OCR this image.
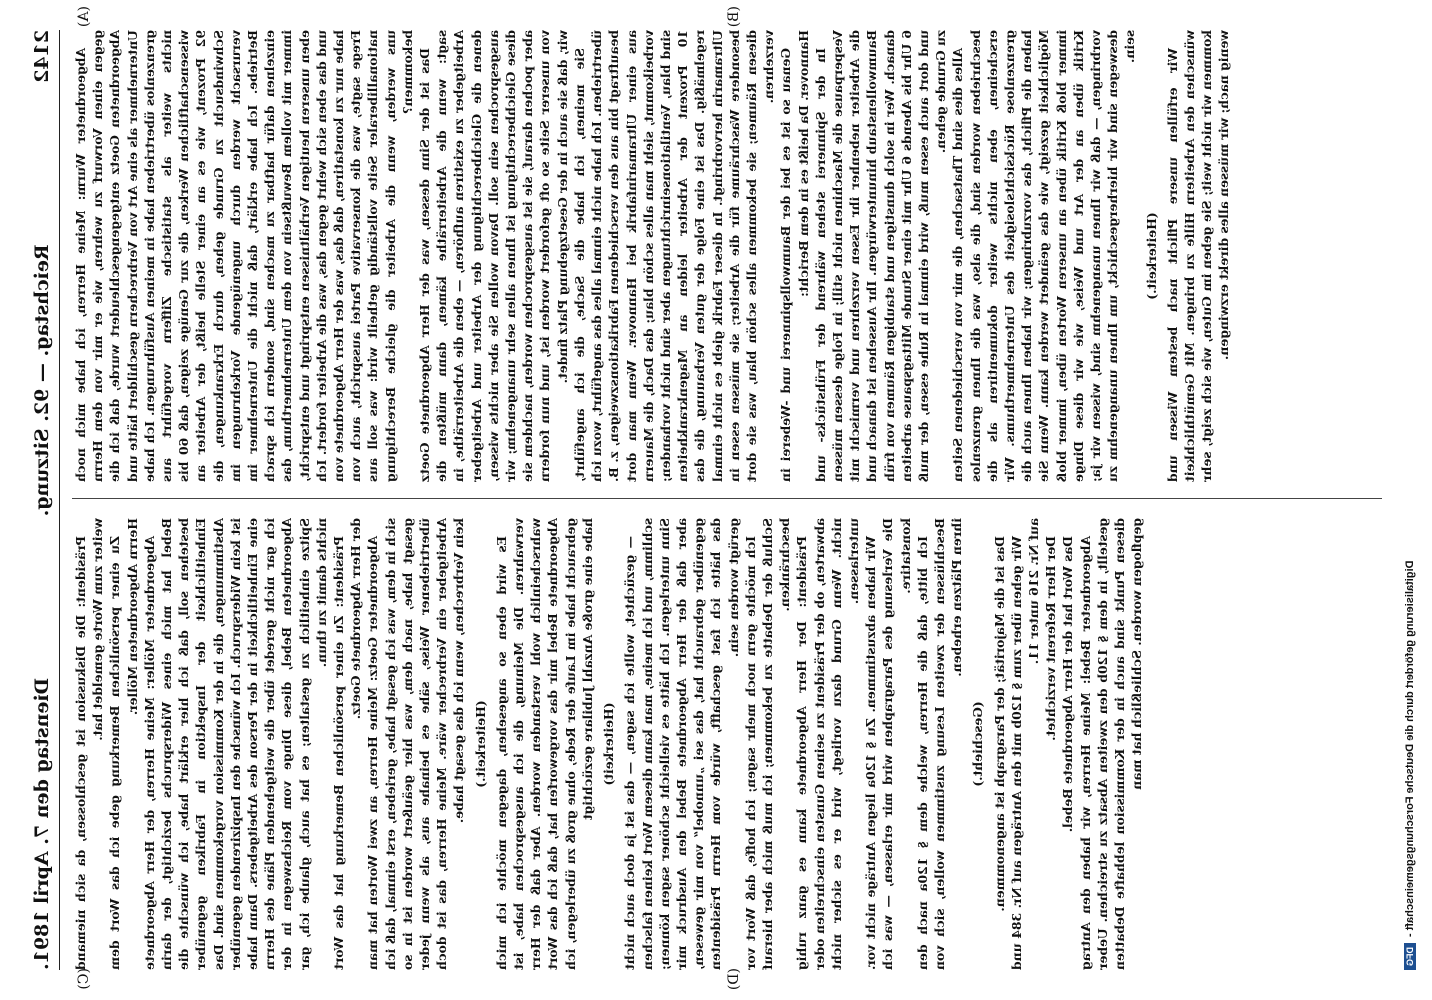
2142
Reichstag. — 92. Sitzung.
Dienstag den 7. April 1891.
(A)	(B)
(C)	(D)

Abgeordneter Wurm: Meine Herren, ich habe mich noch gegen einen Vorwurf zu wehren, wie er mir von dem Herrn Abgeordneten Goetz entgegengeschleudert wurde, daß ich die Unternehmer als eine Art von Verbrechern geschildert hätte und grenzenlos übertrieben habe in meinen Ausführungen. Ich habe nichts weiter als statistische Ziffern vorgeführt aus wissenschaftlichen Werken, die zur Genüge zeigen, daß 60 bis 92 Prozent, wie es an einer Stelle heißt, der Arbeiter an Schwindsucht zu Grunde gehen, durch Erkrankungen, die verursacht werden durch ungenügende Vorkehrungen im Betriebe. Ich habe erklärt, daß nicht die Unternehmer im einzelnen dafür haftbar zu machen sind, sondern ich sprach immer mit vollem Bewußtsein von dem Unternehmerthum, das eben unseren heutigen Verhältnissen entspringt und entspricht, und das eben sich wehrt gegen das, was die Arbeiter fordert. Ich habe nur zu konstatiren, daß das, was der Herr Abgeordnete von Frege sagte, was die konservative Partei ausspricht, auch von nationalliberaler Seite vollständig getheilt wird: was soll aus uns werden, wenn die Arbeiter die gleiche Berechtigung bekommen? Das ist der Sinn dessen, was der Herr Abgeordnete Goetz sagt: wenn die Arbeiterräthe kämen, dann müßten die Arbeitgeber zu existiren aufhören, — eben die Arbeiterräthe, in denen die Gleichberechtigung der Arbeiter und Arbeitgeber ausgesprochen sein soll. Davon wollen Sie aber nichts wissen, diese Gleichberechtigung ist Ihnen allen sehr unangenehm; wir aber pochen darauf, sie ist ausgesprochen worden, nachdem sie von unserer Seite so oft gefordert worden ist, und nun fordern wir, daß sie auch in der Gesetzgebung Platz findet. Sie meinen, ich habe die Sache, die ich angeführt, übertrieben. Ich habe nicht einmal alles das angeführt, wozu ich beauftragt bin aus den verschiedenen Fabrikationszweigen, z. B. aus einer Ultramarinfabrik bei Hannover. Wenn man dort vorbeikommt, sieht man alles schön blau; das Dach, die Mauern sind blau, Ventilationseinrichtungen aber sind nicht vorhanden; 10 Prozent der Arbeiter leiden an Magenkrankheiten regelmäßig. Das ist eine Folge der guten Verbauung, die das Ultramarin hervorbringt. In dieser Fabrik giebt es nicht einmal besondere Waschräume für die Arbeiter; sie müssen essen in diesen Räumen; sie bekommen alles schön blau, was sie dort verzehren. Genau so ist es bei der Baumwollspinnerei und -Weberei in Hannover. Da heißt es in dem Bericht: In der Spinnerei stehen während der Frühstücks- und Vesperpause die Maschinen nicht still; in Folge dessen müssen die Arbeiter nebenher ihr Essen verzehren und vermischt mit Baumwollenstaub hinunterwürgen. Ihr Aussehen ist danach und danach. Wer in solch dunstigen und staubigen Räumen von früh 6 Uhr bis Abends 6 Uhr mit einer Stunde Mittagspause arbeiten und dort auch essen muß, wird einmal in Ruhe essen, der muß zu Grunde gehen. Alles dies sind Thatsachen, die mir von verschiedenen Seiten beschrieben worden sind, die also, was die Ihnen grenzenlos erscheinen, eben nichts weiter dokumentiren als die grenzenlose Rücksichtslosigkeit des Unternehmerthums. Wir haben die Pflicht, das vorzubringen; wir haben Ihnen auch die Möglichkeit gezeigt, wie das geändert werden kann. Wenn Sie immer bloß Kritik üben an unseren Worten üben, immer bloß Kritik üben an der Art und Weise, wie wir diese Dinge vorbringen, — daß wir Ihnen unangenehm sind, wissen wir ja; deswegen sind wir hierhergeschickt, um Ihnen unangenehm zu sein.

(Heiterkeit.) Wir erfüllen unsere Pflicht nach bestem Wissen und wünschen den Arbeitern Hilfe zu bringen. Mit Gemüthlichkeit kommen wir nicht weit; Sie geben im Guten, wie sich zeigt, sehr wenig nach; wir müssen alles direkt erzwingen.

Präsident: Die Diskussion ist geschlossen, da sich niemand weiter zum Worte gemeldet hat. Zu einer persönlichen Bemerkung gebe ich das Wort dem Herrn Abgeordneten Möller. Abgeordneter Möller: Meine Herren, der Herr Abgeordnete Bebel hat mich eines Widerspruchs bezichtigt, der darin bestehen soll, daß ich hier erklärt habe, ich wünschte die Einheitlichkeit der Inspektion in Fabriken gegenüber Abstimmungen, die in der Kommission vorgekommen sind. Das ist kein Widerspruch. Ich wünsche den Inspizirenden gegenüber eine Einheitlichkeit in der Person des Arbeitgebers. Dann habe ich gar nicht geredet über die weitgehenden Pläne des Herrn Abgeordneten Bebel, diese Dinge vom Reichswegen in der Spitze einheitlich zu gestalten; es hat auch, glaube ich, gar nichts damit zu thun. Präsident: Zu einer persönlichen Bemerkung hat das Wort der Herr Abgeordnete Goetz. Abgeordneter Goetz: Meine Herren, an zwei Worten hat man sich in dem, was ich gesagt habe, gerieben, erst einmal, daß ich gesagt habe, nach dem, was hier geäußert worden ist in so übertriebener Weise, sähe es beinahe aus, als wenn jeder Arbeitgeber ein Verbrecher wäre. Meine Herren, das ist doch kein Verbrechen, wenn ich das gesagt habe. (Heiterkeit.) Es wird eben so angesehen, dagegen möchte ich mich verwahren. Die Meinung, die ich ausgesprochen habe, ist wahrscheinlich wohl verstanden worden. Aber daß der Herr Abgeordnete Bebel mir das vorgeworfen hat, daß ich das Wort gebraucht habe im Laufe der Rede, ohne groß zu überlegen, ich habe eine große Anzahl Jubilare gezüchtigt (Heiterkeit) — gezüchtet, wollte ich sagen, — das ist ja doch auch nicht schlimm, und ich meine, man kann diesem Wort keinen falschen Sinn unterlegen. Ich hätte es vielleicht schöner sagen können; aber daß der Herr Abgeordnete Bebel den Ausdruck mir gegenüber gebraucht hat, das sei „unnobel“ von mir gewesen, das hätte ich fast geschafft, würde vom Herrn Präsidenten gerügt worden sein. Ich möchte gern noch mehr sagen; ich hoffe, daß Wort vor Schluß der Debatte zu bekommen; ich muß mich aber hierauf beschränken. Präsident: Der Herr Abgeordnete kann es ganz ruhig abwarten, ob der Präsident zu seinen Gunsten einschreiten oder nicht. Wenn Grund dazu vorliegt, wird er es sicher nicht unterlassen. Wir haben abzustimmen. Zu § 120a liegen Anträge nicht vor. Die Verlesung des Paragraphen wird mir erlassen, — was ich konstatire. Ich bitte, daß die Herren, welche dem § 120a nach den Beschlüssen der zweiten Lesung zustimmen wollen, sich von ihren Plätzen erheben.

(Geschieht.) Das ist die Majorität; der Paragraph ist angenommen. Wir gehen über zum § 120b mit den Anträgen auf Nr. 384 und auf Nr. 216 unter 11. Der Herr Referent verzichtet. Das Wort hat der Herr Abgeordnete Bebel. Abgeordneter Bebel: Meine Herren, wir haben den Antrag gestellt, in dem § 120b den zweiten Absatz zu streichen. Ueber diesen Punkt sind auch in der Kommission lebhafte Debatten gepflogen worden. Schließlich hat man	Digitalisierung gefördert durch die Deutsche Forschungsgemeinschaft -
DFG
